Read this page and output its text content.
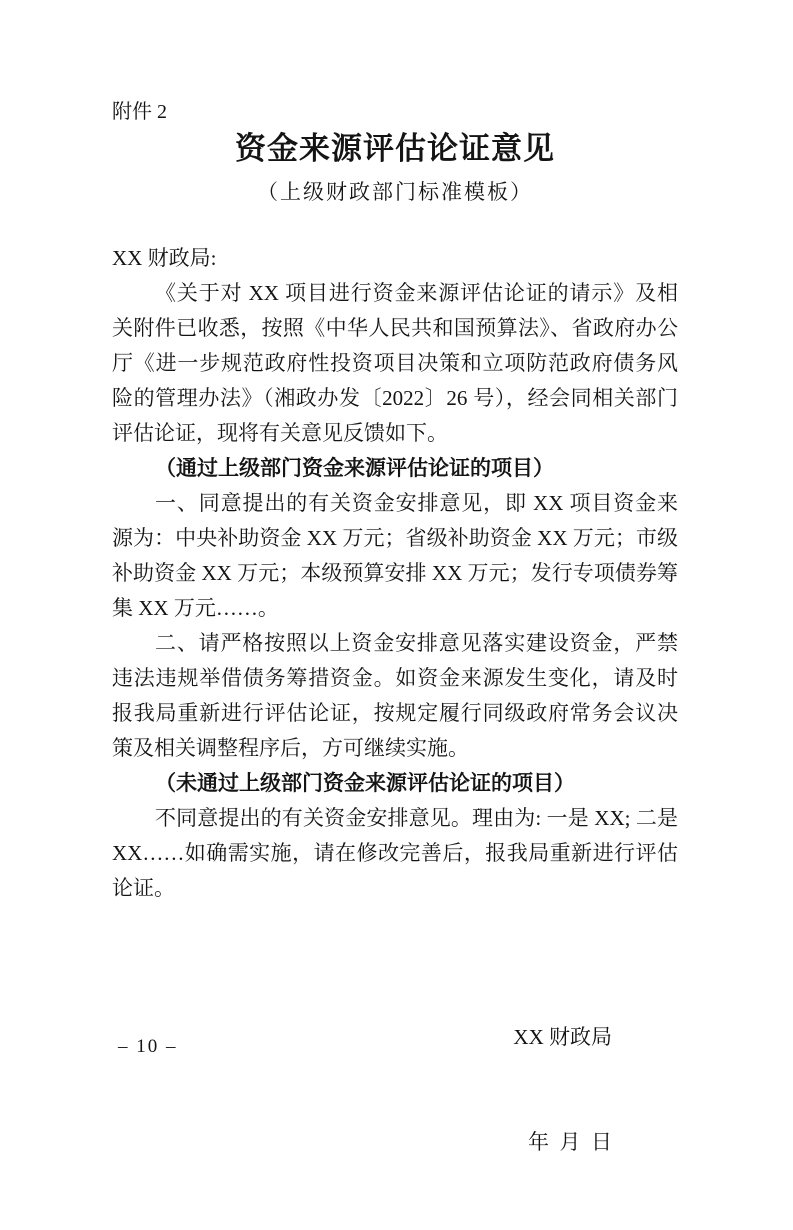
附件 2
资金来源评估论证意见
（上级财政部门标准模板）

XX 财政局:

《关于对 XX 项目进行资金来源评估论证的请示》及相关附件已收悉，按照《中华人民共和国预算法》、省政府办公厅《进一步规范政府性投资项目决策和立项防范政府债务风险的管理办法》（湘政办发〔2022〕26 号），经会同相关部门评估论证，现将有关意见反馈如下。

（通过上级部门资金来源评估论证的项目）

一、同意提出的有关资金安排意见，即 XX 项目资金来源为：中央补助资金 XX 万元；省级补助资金 XX 万元；市级补助资金 XX 万元；本级预算安排 XX 万元；发行专项债券筹集 XX 万元……。

二、请严格按照以上资金安排意见落实建设资金，严禁违法违规举借债务筹措资金。如资金来源发生变化，请及时报我局重新进行评估论证，按规定履行同级政府常务会议决策及相关调整程序后，方可继续实施。

（未通过上级部门资金来源评估论证的项目）

不同意提出的有关资金安排意见。理由为: 一是 XX; 二是 XX……如确需实施，请在修改完善后，报我局重新进行评估论证。

XX 财政局

年  月  日

– 10 –
